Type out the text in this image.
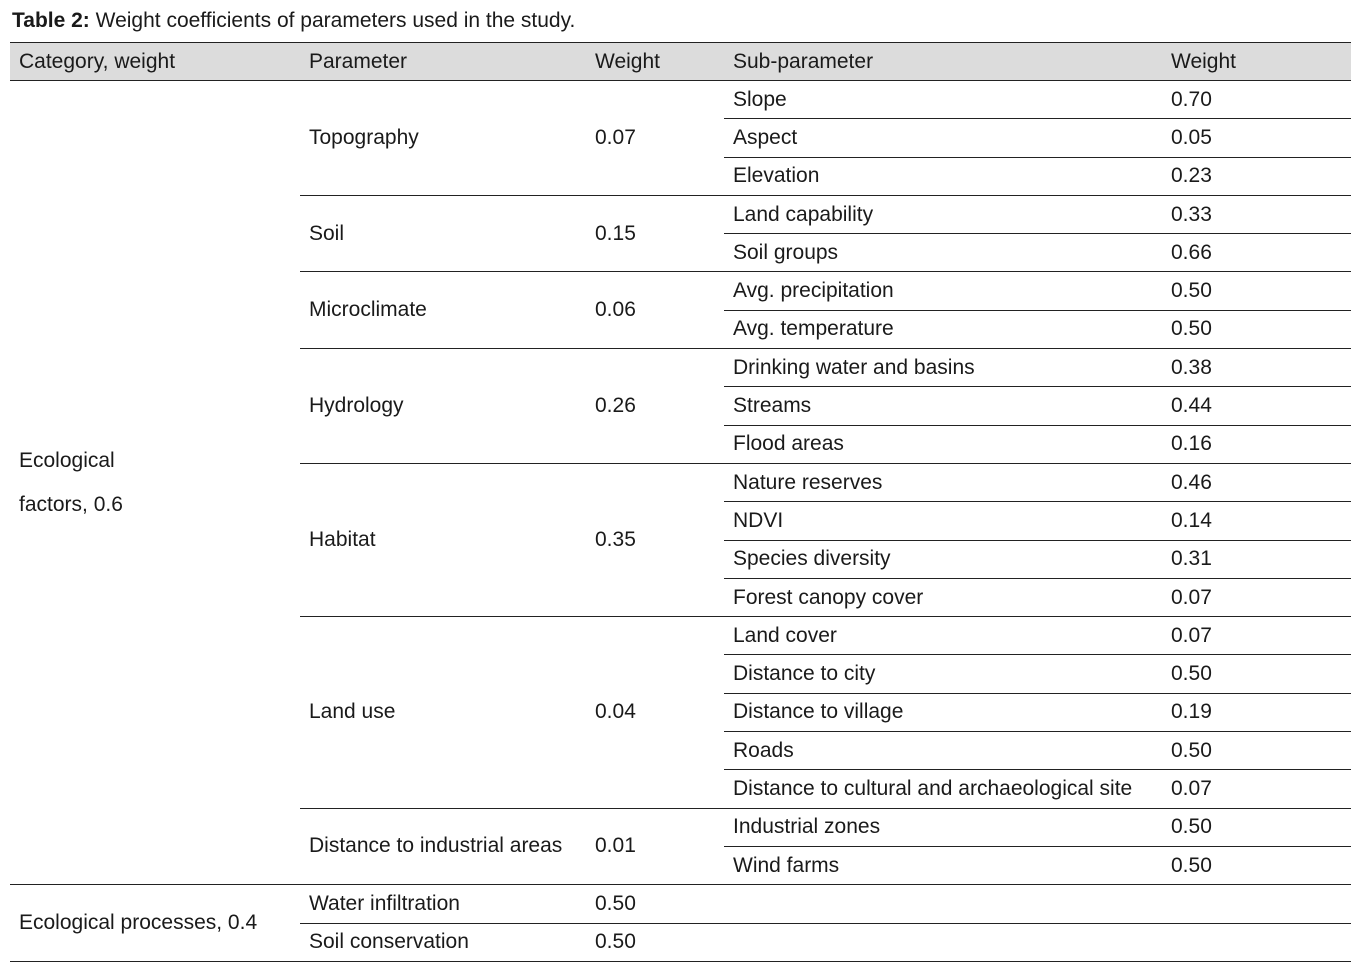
Table 2: Weight coefficients of parameters used in the study.
Category, weight	Parameter	Weight	Sub-parameter	Weight

Ecological
factors, 0.6	Topography	0.07	Slope	0.70
			Aspect	0.05
			Elevation	0.23
	Soil	0.15	Land capability	0.33
			Soil groups	0.66
	Microclimate	0.06	Avg. precipitation	0.50
			Avg. temperature	0.50
	Hydrology	0.26	Drinking water and basins	0.38
			Streams	0.44
			Flood areas	0.16
	Habitat	0.35	Nature reserves	0.46
			NDVI	0.14
			Species diversity	0.31
			Forest canopy cover	0.07
	Land use	0.04	Land cover	0.07
			Distance to city	0.50
			Distance to village	0.19
			Roads	0.50
			Distance to cultural and archaeological site	0.07
	Distance to industrial areas	0.01	Industrial zones	0.50
			Wind farms	0.50

Ecological processes, 0.4	Water infiltration	0.50		
	Soil conservation	0.50		
